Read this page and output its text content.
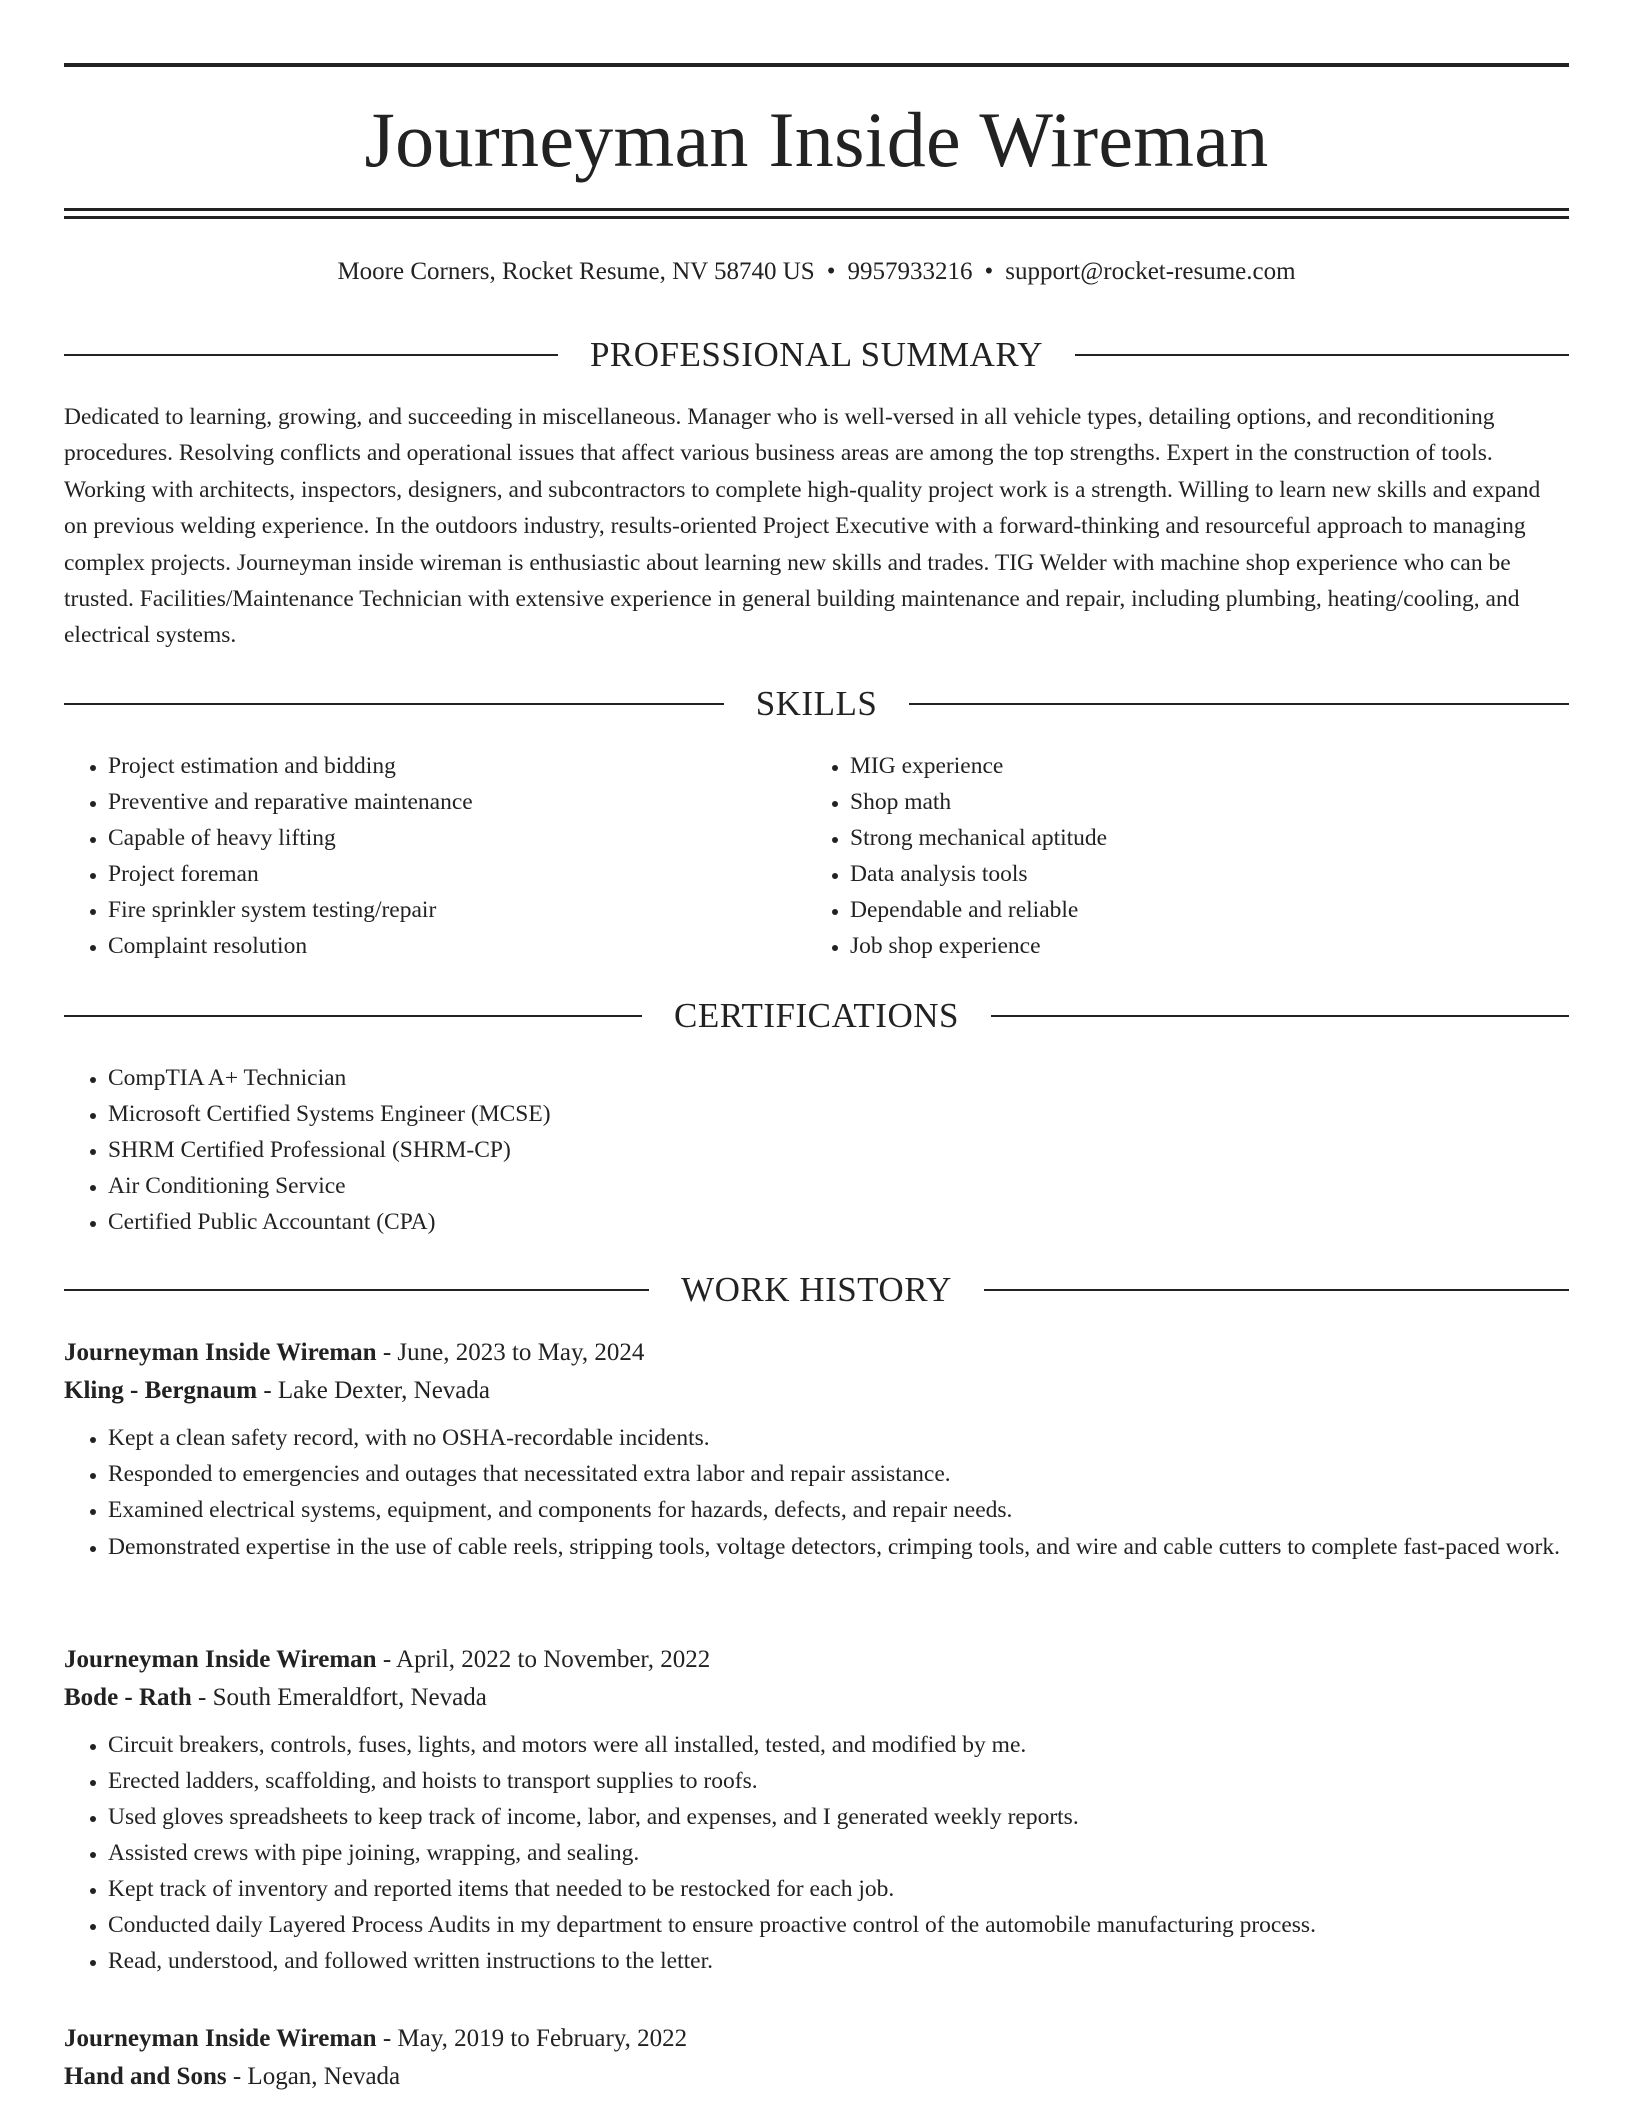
Journeyman Inside Wireman
Moore Corners, Rocket Resume, NV 58740 US • 9957933216 • support@rocket-resume.com
PROFESSIONAL SUMMARY

Dedicated to learning, growing, and succeeding in miscellaneous. Manager who is well-versed in all vehicle types, detailing options, and reconditioning procedures. Resolving conflicts and operational issues that affect various business areas are among the top strengths. Expert in the construction of tools. Working with architects, inspectors, designers, and subcontractors to complete high-quality project work is a strength. Willing to learn new skills and expand on previous welding experience. In the outdoors industry, results-oriented Project Executive with a forward-thinking and resourceful approach to managing complex projects. Journeyman inside wireman is enthusiastic about learning new skills and trades. TIG Welder with machine shop experience who can be trusted. Facilities/Maintenance Technician with extensive experience in general building maintenance and repair, including plumbing, heating/cooling, and electrical systems.

SKILLS
• Project estimation and bidding
• Preventive and reparative maintenance
• Capable of heavy lifting
• Project foreman
• Fire sprinkler system testing/repair
• Complaint resolution
• MIG experience
• Shop math
• Strong mechanical aptitude
• Data analysis tools
• Dependable and reliable
• Job shop experience
CERTIFICATIONS
• CompTIA A+ Technician
• Microsoft Certified Systems Engineer (MCSE)
• SHRM Certified Professional (SHRM-CP)
• Air Conditioning Service
• Certified Public Accountant (CPA)
WORK HISTORY

Journeyman Inside Wireman - June, 2023 to May, 2024

Kling - Bergnaum - Lake Dexter, Nevada

• Kept a clean safety record, with no OSHA-recordable incidents.
• Responded to emergencies and outages that necessitated extra labor and repair assistance.
• Examined electrical systems, equipment, and components for hazards, defects, and repair needs.
• Demonstrated expertise in the use of cable reels, stripping tools, voltage detectors, crimping tools, and wire and cable cutters to complete fast-paced work.

Journeyman Inside Wireman - April, 2022 to November, 2022

Bode - Rath - South Emeraldfort, Nevada

• Circuit breakers, controls, fuses, lights, and motors were all installed, tested, and modified by me.
• Erected ladders, scaffolding, and hoists to transport supplies to roofs.
• Used gloves spreadsheets to keep track of income, labor, and expenses, and I generated weekly reports.
• Assisted crews with pipe joining, wrapping, and sealing.
• Kept track of inventory and reported items that needed to be restocked for each job.
• Conducted daily Layered Process Audits in my department to ensure proactive control of the automobile manufacturing process.
• Read, understood, and followed written instructions to the letter.

Journeyman Inside Wireman - May, 2019 to February, 2022

Hand and Sons - Logan, Nevada
